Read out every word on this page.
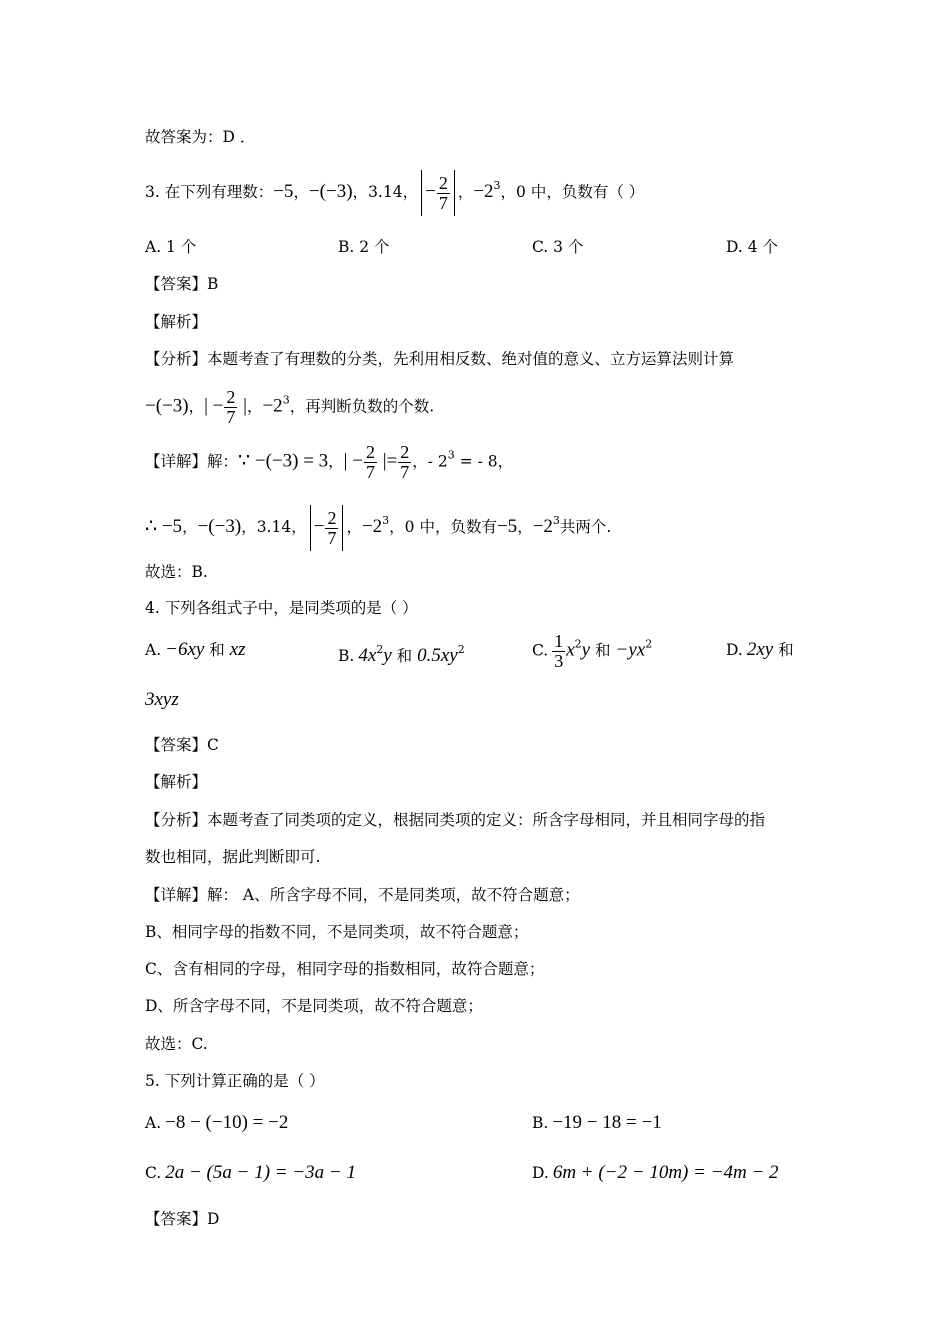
故答案为：D ．
3. 在下列有理数：−5，−(−3)，3.14， − $\frac{2}{7}$ ，$-2^3$，0 中，负数有（ ）
A. 1 个	B. 2 个	C. 3 个	D. 4 个
【答案】B
【解析】
【分析】本题考查了有理数的分类，先利用相反数、绝对值的意义、立方运算法则计算
−(−3)，| − $\frac{2}{7}$ |，$-2^3$，再判断负数的个数.
【详解】解：∵ −(−3) = 3，| − $\frac{2}{7}$ |= $\frac{2}{7}$ ，- $2^3$ = - 8，
∴ −5，−(−3)，3.14， − $\frac{2}{7}$ ，$-2^3$，0 中，负数有−5，$-2^3$共两个.
故选：B.
4. 下列各组式子中，是同类项的是（ ）
A. −6xy 和 xz	B. $4x^2y$ 和 $0.5xy^2$	C. $\frac{1}{3} x^2y$ 和 $-yx^2$	D. 2xy 和
3xyz
【答案】C
【解析】
【分析】本题考查了同类项的定义，根据同类项的定义：所含字母相同，并且相同字母的指
数也相同，据此判断即可.
【详解】解： A、所含字母不同，不是同类项，故不符合题意；
B、相同字母的指数不同，不是同类项，故不符合题意；
C、含有相同的字母，相同字母的指数相同，故符合题意；
D、所含字母不同，不是同类项，故不符合题意；
故选：C.
5. 下列计算正确的是（ ）
A. −8 − (−10) = −2	B. −19 − 18 = −1
C. 2a − (5a − 1) = −3a − 1	D. 6m + (−2 − 10m) = −4m − 2
【答案】D
